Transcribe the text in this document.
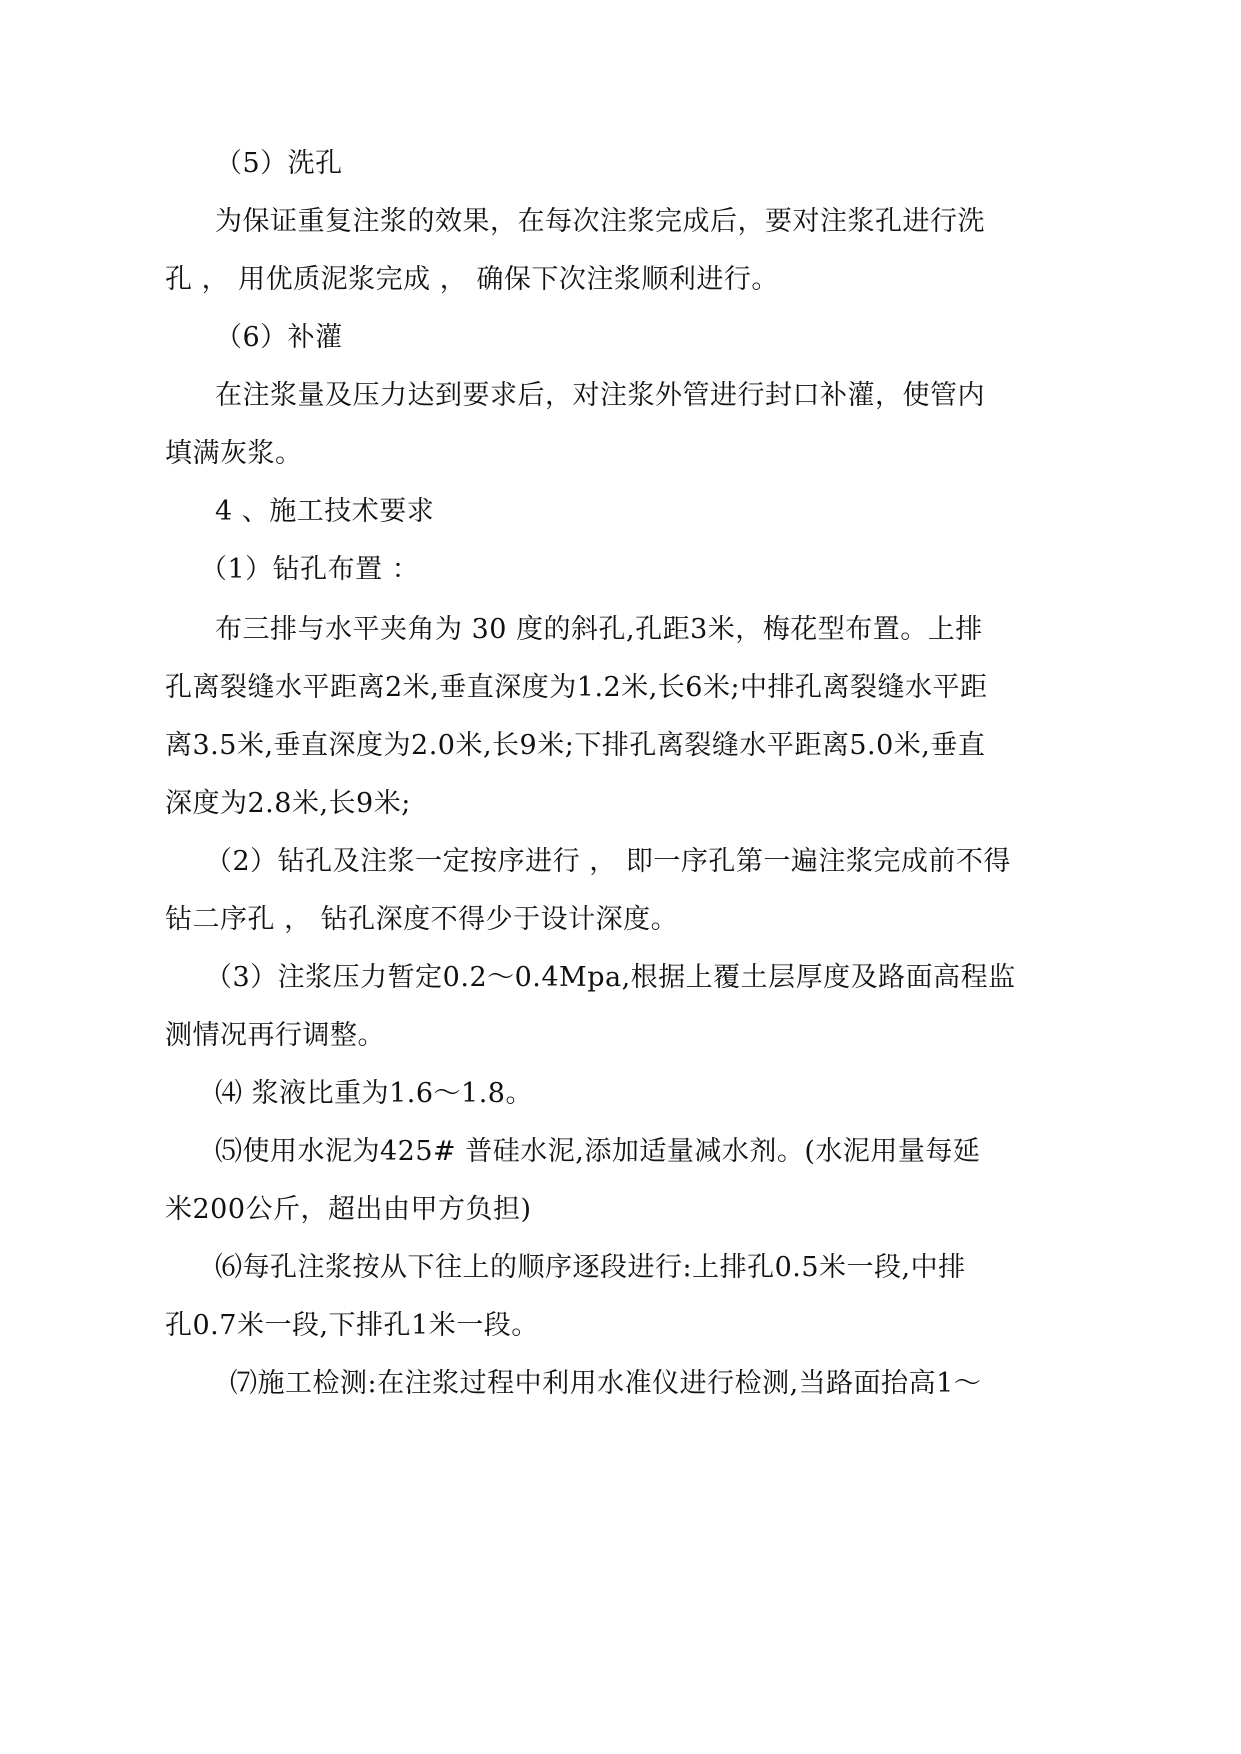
（5）洗孔

为保证重复注浆的效果，在每次注浆完成后，要对注浆孔进行洗

孔 ， 用优质泥浆完成 ， 确保下次注浆顺利进行。

（6）补灌

在注浆量及压力达到要求后，对注浆外管进行封口补灌，使管内

填满灰浆。

4 、施工技术要求

（1）钻孔布置 ：

布三排与水平夹角为 30 度的斜孔,孔距3米，梅花型布置。上排

孔离裂缝水平距离2米,垂直深度为1.2米,长6米;中排孔离裂缝水平距

离3.5米,垂直深度为2.0米,长9米;下排孔离裂缝水平距离5.0米,垂直

深度为2.8米,长9米;

（2）钻孔及注浆一定按序进行 ， 即一序孔第一遍注浆完成前不得

钻二序孔 ， 钻孔深度不得少于设计深度。

（3）注浆压力暂定0.2～0.4Mpa,根据上覆土层厚度及路面高程监

测情况再行调整。

⑷ 浆液比重为1.6～1.8。

⑸使用水泥为425# 普硅水泥,添加适量减水剂。(水泥用量每延

米200公斤，超出由甲方负担)

⑹每孔注浆按从下往上的顺序逐段进行:上排孔0.5米一段,中排

孔0.7米一段,下排孔1米一段。

⑺施工检测:在注浆过程中利用水准仪进行检测,当路面抬高1～
